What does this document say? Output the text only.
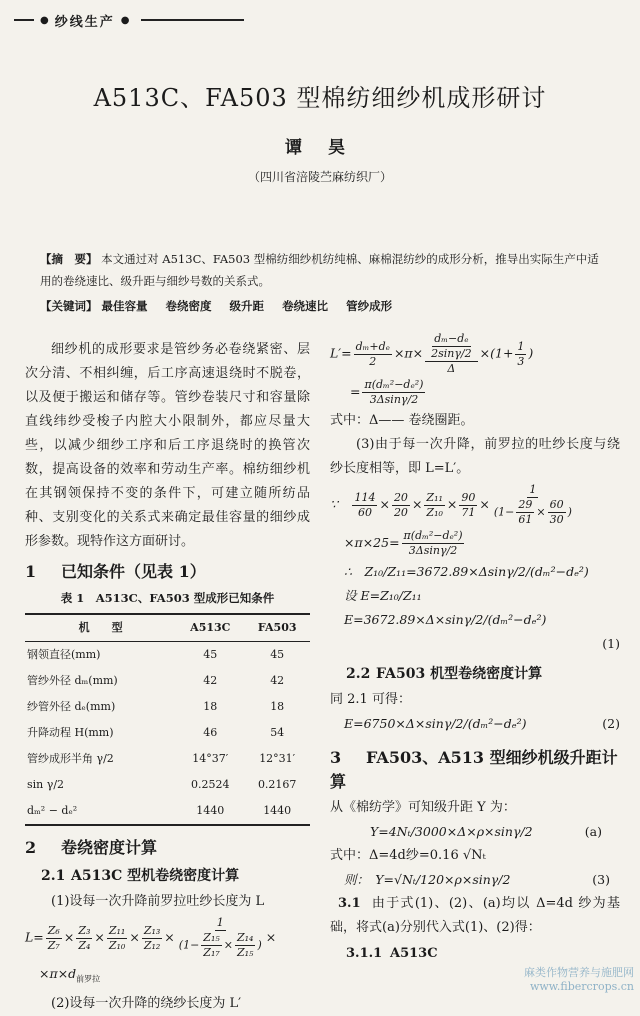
● 纱线生产 ●
A513C、FA503 型棉纺细纱机成形研讨
谭 昊
（四川省涪陵苎麻纺织厂）
【摘　要】 本文通过对 A513C、FA503 型棉纺细纱机纺纯棉、麻棉混纺纱的成形分析，推导出实际生产中适用的卷绕速比、级升距与细纱号数的关系式。
【关键词】 最佳容量 卷绕密度 级升距 卷绕速比 管纱成形

细纱机的成形要求是管纱务必卷绕紧密、层次分清、不相纠缠，后工序高速退绕时不脱卷，以及便于搬运和储存等。管纱卷装尺寸和容量除直线纬纱受梭子内腔大小限制外，都应尽量大些，以减少细纱工序和后工序退绕时的换管次数，提高设备的效率和劳动生产率。棉纺细纱机在其钢领保持不变的条件下，可建立随所纺品种、支别变化的关系式来确定最佳容量的细纱成形参数。现特作这方面研讨。

1 已知条件（见表 1）
表 1　A513C、FA503 型成形已知条件
机　　型	A513C	FA503
钢领直径(mm)	45	45
管纱外径 dₘ(mm)	42	42
纱管外径 dₑ(mm)	18	18
升降动程 H(mm)	46	54
管纱成形半角 γ/2	14°37′	12°31′
sin γ/2	0.2524	0.2167
dₘ² − dₑ²	1440	1440
2 卷绕密度计算
2.1 A513C 型机卷绕密度计算

(1)设每一次升降前罗拉吐纱长度为 L

$L= \frac{\text{Z₆}}{\text{Z₇}} \times \frac{\text{Z₃}}{\text{Z₄}} \times \frac{\text{Z₁₁}}{\text{Z₁₀}} \times \frac{\text{Z₁₃}}{\text{Z₁₂}} \times \frac{1}{(1- \frac{\text{Z₁₅}}{\text{Z₁₇}} \times \frac{\text{Z₁₄}}{\text{Z₁₅}} )}$ ×
$\times\pi\times d_{前罗拉}$

(2)设每一次升降的绕纱长度为 L′

$L'= \frac{\text{dₘ+dₑ}}{2} \times\pi\times \frac{\frac{\text{dₘ−dₑ}}{2\sin\gamma/2}}{\Delta} \times(1+ \frac{1}{3}$ )
= $\frac{\text{π(dₘ²−dₑ²)}}{3\Delta\sin\gamma/2}$

式中：Δ—— 卷绕圈距。

(3)由于每一次升降，前罗拉的吐纱长度与绕纱长度相等，即 L=L′。

∵　 $\frac{114}{60} \times \frac{20}{20} \times \frac{\text{Z₁₁}}{\text{Z₁₀}} \times \frac{90}{71} \times \frac{1}{(1- \frac{29}{61} \times \frac{60}{30} )}$
$\times\pi\times 25= \frac{\text{π(dₘ²−dₑ²)}}{3\Delta\sin\gamma/2}$
∴　Z₁₀/Z₁₁=3672.89×Δsinγ/2/(dₘ²−dₑ²)
设 E=Z₁₀/Z₁₁
E=3672.89×Δ×sinγ/2/(dₘ²−dₑ²)
(1)

2.2 FA503 机型卷绕密度计算

同 2.1 可得：

E=6750×Δ×sinγ/2/(dₘ²−dₑ²)	(2)
3 FA503、A513 型细纱机级升距计算

从《棉纺学》可知级升距 Y 为：

Y=4Nₜ/3000×Δ×ρ×sinγ/2	(a)

式中：Δ=4d纱=0.16 √Nₜ

则：　Y=√Nₜ/120×ρ×sinγ/2	(3)

3.1 由于式(1)、(2)、(a)均以 Δ=4d 纱为基础，将式(a)分别代入式(1)、(2)得：

3.1.1 A513C
麻类作物营养与施肥网
www.fibercrops.cn
